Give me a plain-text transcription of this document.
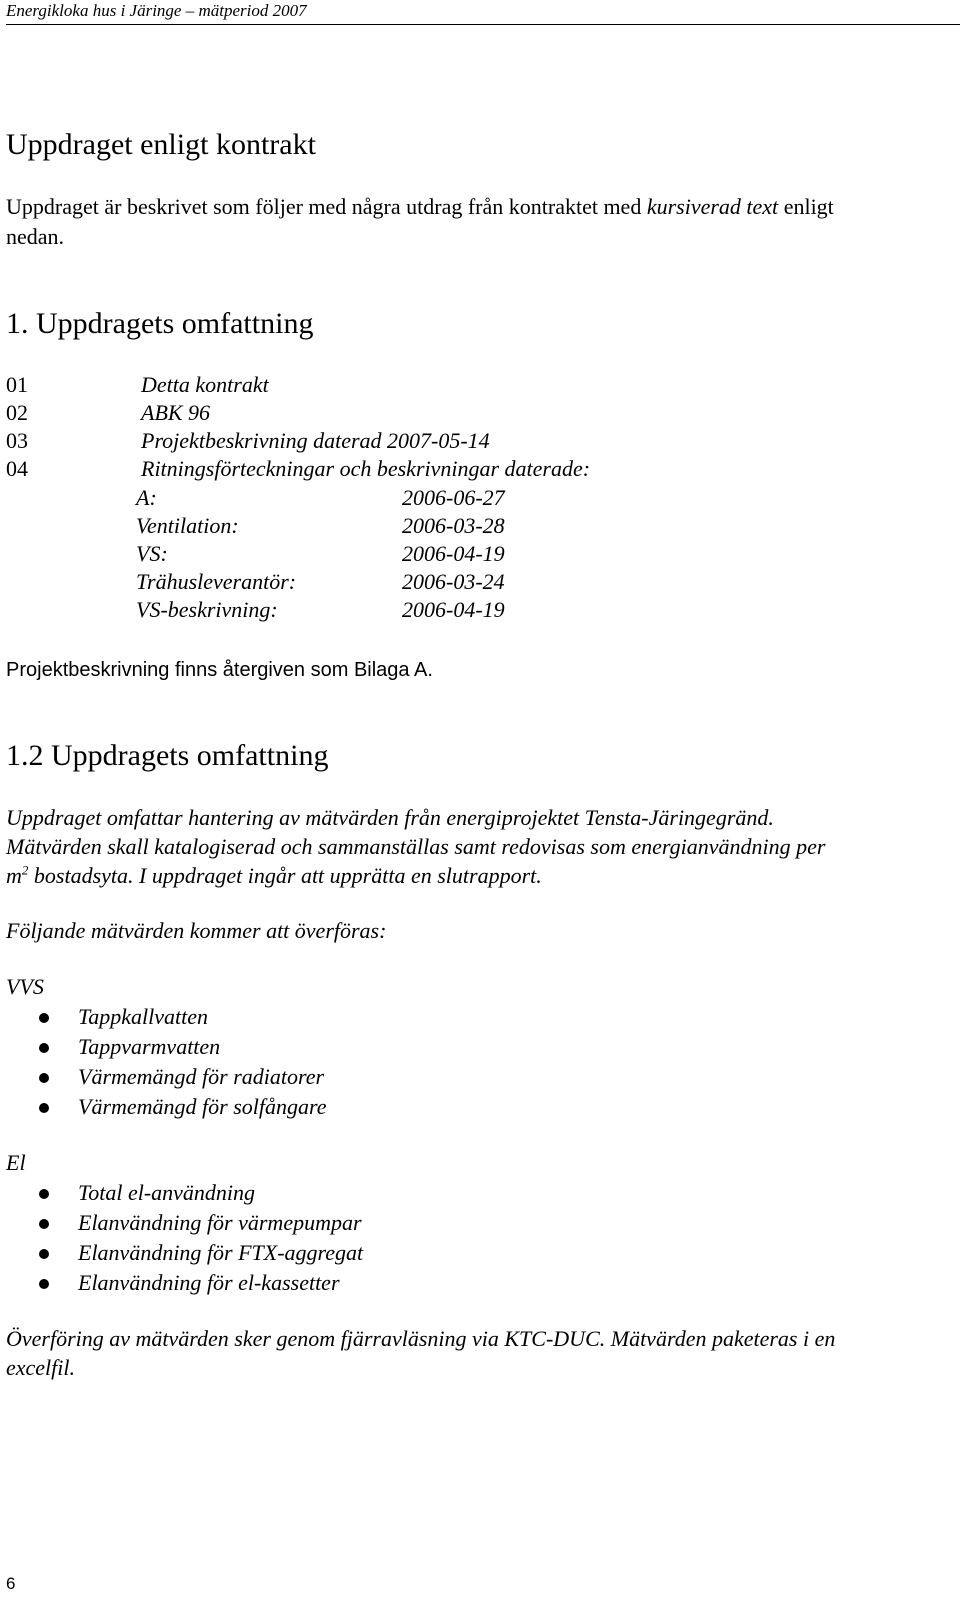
Energikloka hus i Järinge – mätperiod 2007
Uppdraget enligt kontrakt
Uppdraget är beskrivet som följer med några utdrag från kontraktet med kursiverad text enligt
nedan.
1. Uppdragets omfattning
01	Detta kontrakt
02	ABK 96
03	Projektbeskrivning daterad 2007-05-14
04	Ritningsförteckningar och beskrivningar daterade:
A:	2006-06-27
Ventilation:	2006-03-28
VS:	2006-04-19
Trähusleverantör:	2006-03-24
VS-beskrivning:	2006-04-19
Projektbeskrivning finns återgiven som Bilaga A.
1.2 Uppdragets omfattning
Uppdraget omfattar hantering av mätvärden från energiprojektet Tensta-Järingegränd.
Mätvärden skall katalogiserad och sammanställas samt redovisas som energianvändning per
$m^2$ bostadsyta. I uppdraget ingår att upprätta en slutrapport.
Följande mätvärden kommer att överföras:
VVS
Tappkallvatten
Tappvarmvatten
Värmemängd för radiatorer
Värmemängd för solfångare
El
Total el-användning
Elanvändning för värmepumpar
Elanvändning för FTX-aggregat
Elanvändning för el-kassetter
Överföring av mätvärden sker genom fjärravläsning via KTC-DUC. Mätvärden paketeras i en
excelfil.
6
